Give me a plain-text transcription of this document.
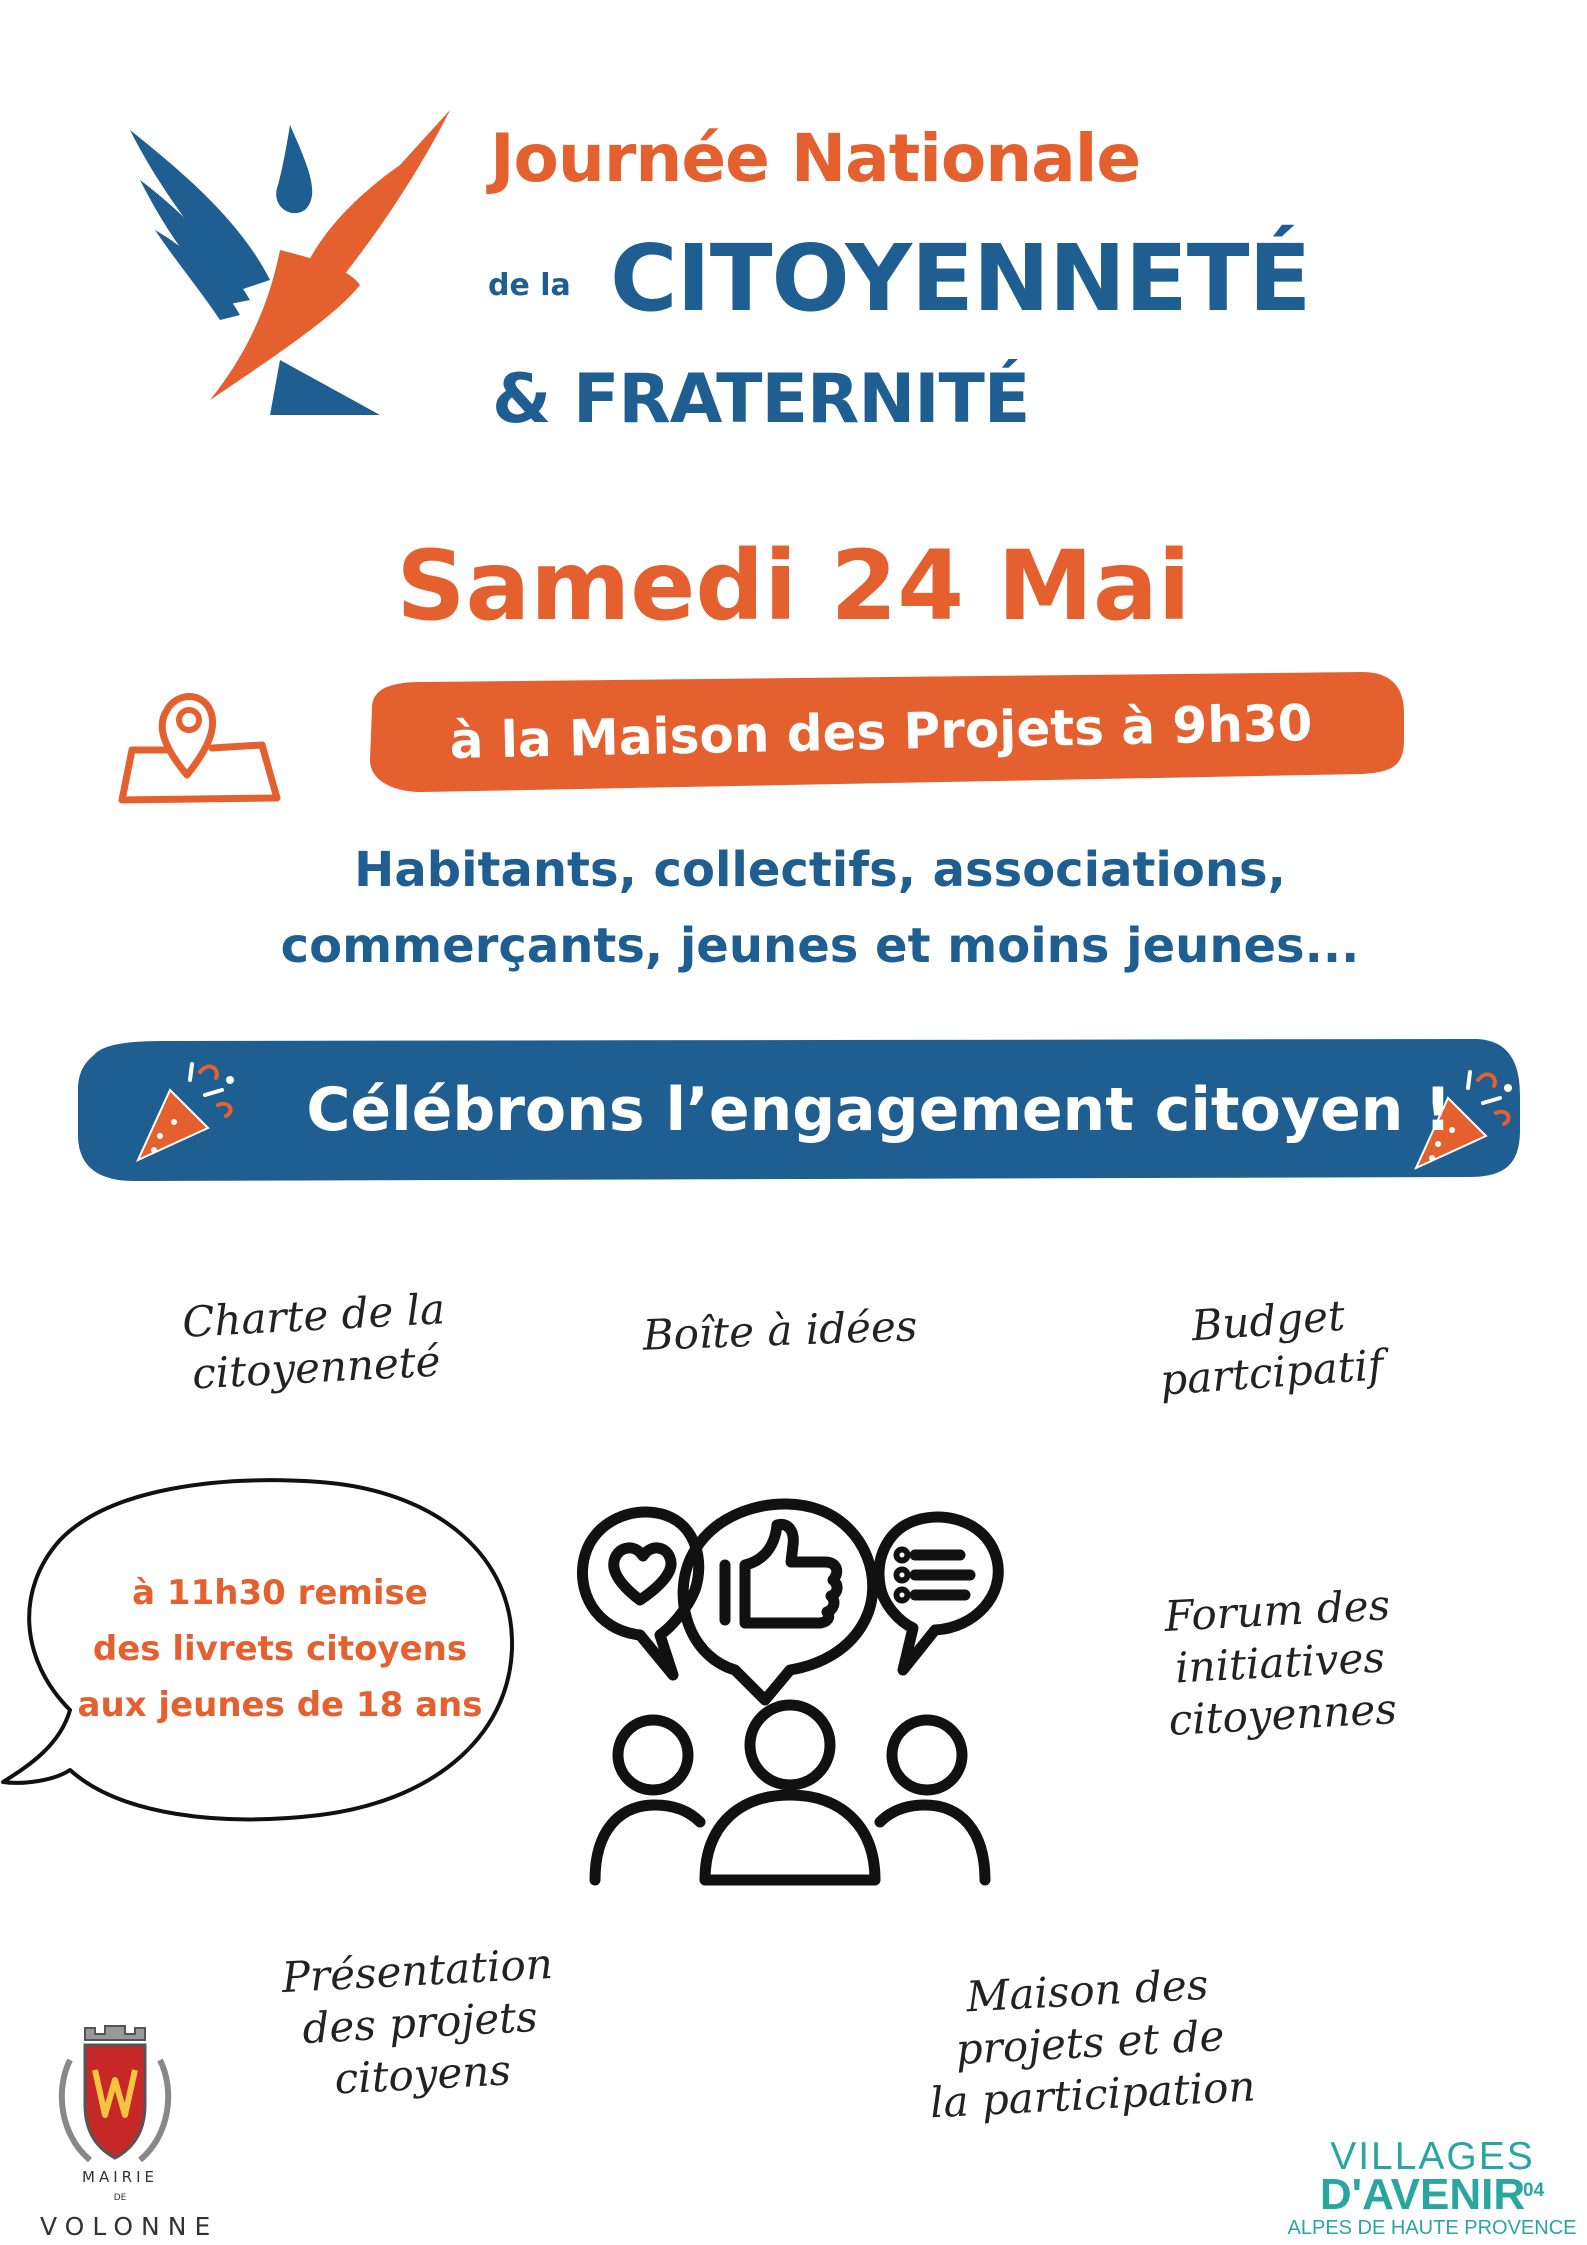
Journée Nationale
de la CITOYENNETÉ
& FRATERNITÉ
Samedi 24 Mai
à la Maison des Projets à 9h30
Habitants, collectifs, associations,
commerçants, jeunes et moins jeunes...
Célébrons l’engagement citoyen !
Charte de la
citoyenneté
Boîte à idées	Budget
partcipatif
Forum des
initiatives
citoyennes
Présentation
des projets
citoyens
Maison des
projets et de
la participation
à 11h30 remise
des livrets citoyens
aux jeunes de 18 ans
MAIRIE
DE
VOLONNE
VILLAGES
D'AVENIR
04
ALPES DE HAUTE PROVENCE
